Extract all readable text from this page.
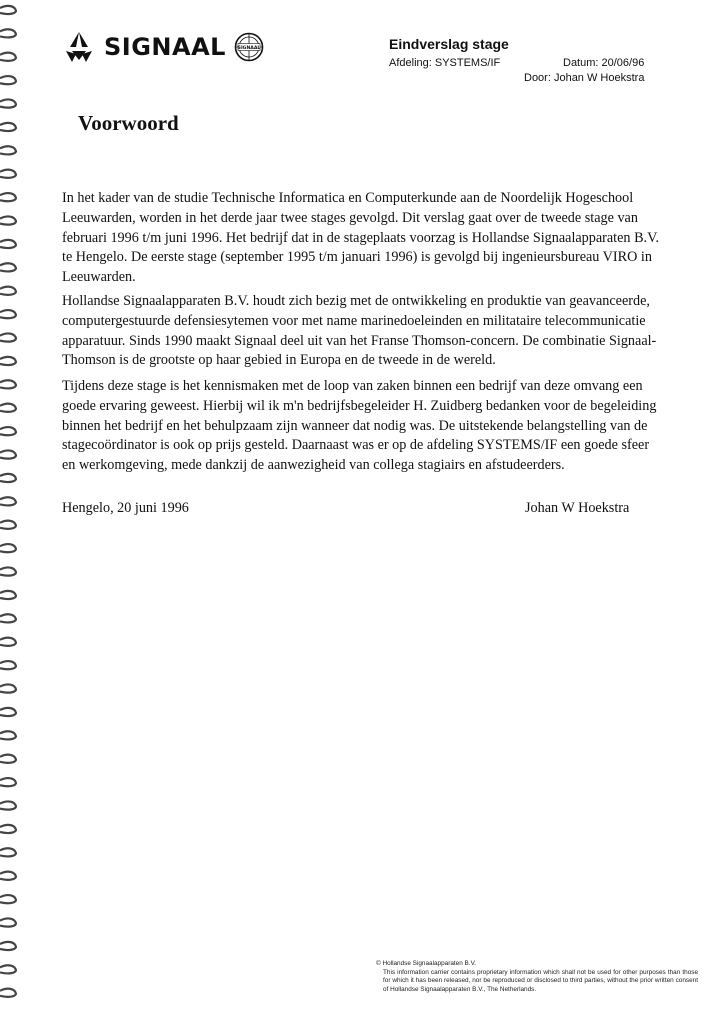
SIGNAAL	SIGNAAL	Eindverslag stage
Afdeling: SYSTEMS/IF	Datum: 20/06/96
Door: Johan W Hoekstra
Voorwoord

In het kader van de studie Technische Informatica en Computerkunde aan de Noordelijk Hogeschool Leeuwarden, worden in het derde jaar twee stages gevolgd. Dit verslag gaat over de tweede stage van februari 1996 t/m juni 1996. Het bedrijf dat in de stageplaats voorzag is Hollandse Signaalapparaten B.V. te Hengelo. De eerste stage (september 1995 t/m januari 1996) is gevolgd bij ingenieursbureau VIRO in Leeuwarden.

Hollandse Signaalapparaten B.V. houdt zich bezig met de ontwikkeling en produktie van geavanceerde, computergestuurde defensiesytemen voor met name marinedoeleinden en militataire telecommunicatie apparatuur. Sinds 1990 maakt Signaal deel uit van het Franse Thomson-concern. De combinatie Signaal-Thomson is de grootste op haar gebied in Europa en de tweede in de wereld.

Tijdens deze stage is het kennismaken met de loop van zaken binnen een bedrijf van deze omvang een goede ervaring geweest. Hierbij wil ik m'n bedrijfsbegeleider H. Zuidberg bedanken voor de begeleiding binnen het bedrijf en het behulpzaam zijn wanneer dat nodig was. De uitstekende belangstelling van de stagecoördinator is ook op prijs gesteld. Daarnaast was er op de afdeling SYSTEMS/IF een goede sfeer en werkomgeving, mede dankzij de aanwezigheid van collega stagiairs en afstudeerders.

Hengelo, 20 juni 1996	Johan W Hoekstra
© Hollandse Signaalapparaten B.V.
This information carrier contains proprietary information which shall not be used for other purposes than those for which it has been released, nor be reproduced or disclosed to third parties, without the prior written consent of Hollandse Signaalapparaten B.V., The Netherlands.
